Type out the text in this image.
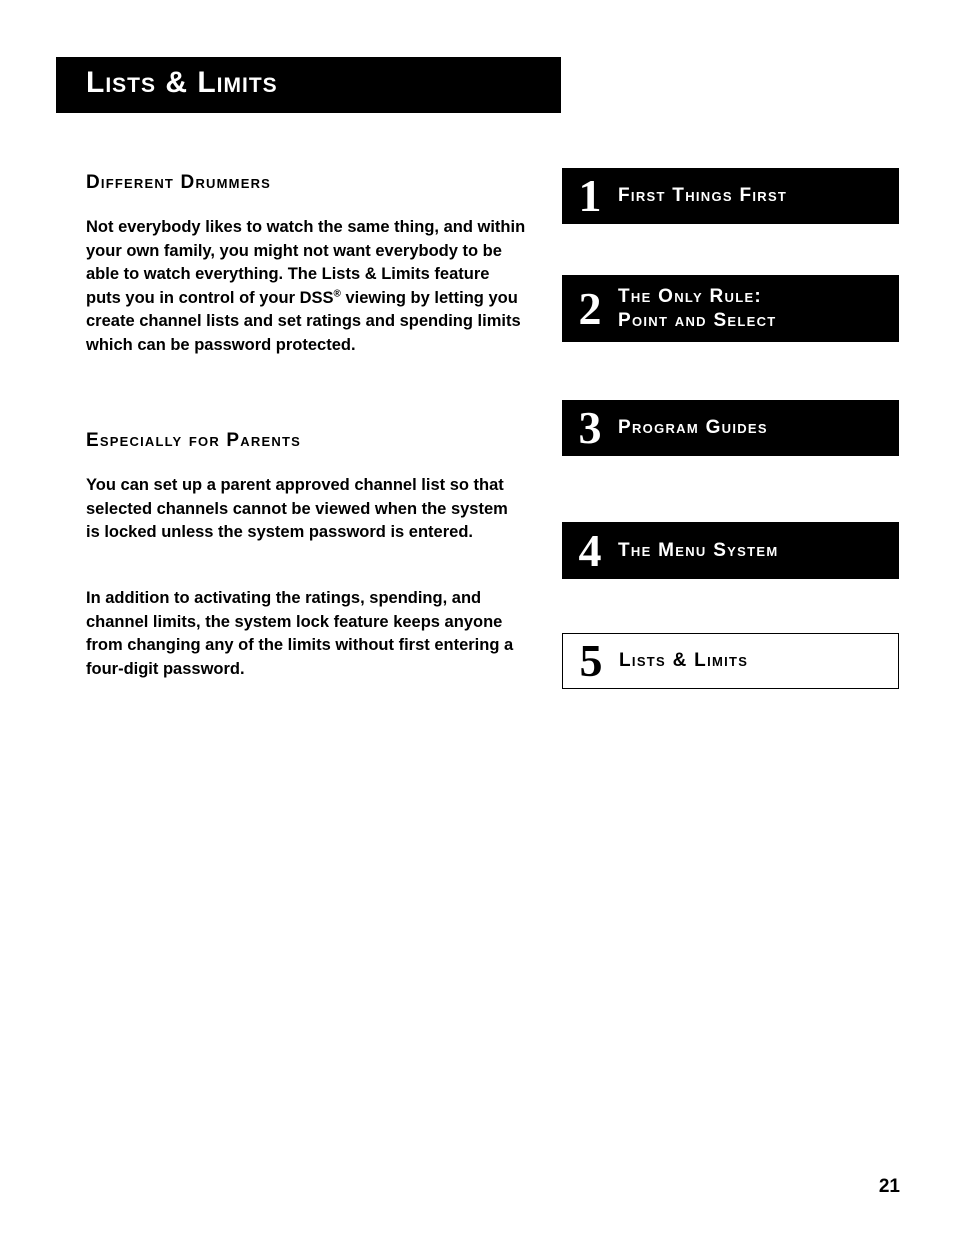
Lists & Limits
Different Drummers

Not everybody likes to watch the same thing, and within your own family, you might not want everybody to be able to watch everything. The Lists & Limits feature puts you in control of your DSS® viewing by letting you create channel lists and set ratings and spending limits which can be password protected.

Especially for Parents

You can set up a parent approved channel list so that selected channels cannot be viewed when the system is locked unless the system password is entered.

In addition to activating the ratings, spending, and channel limits, the system lock feature keeps anyone from changing any of the limits without first entering a four-digit password.

1 First Things First
2 The Only Rule:
Point and Select
3 Program Guides
4 The Menu System
5 Lists & Limits
21
